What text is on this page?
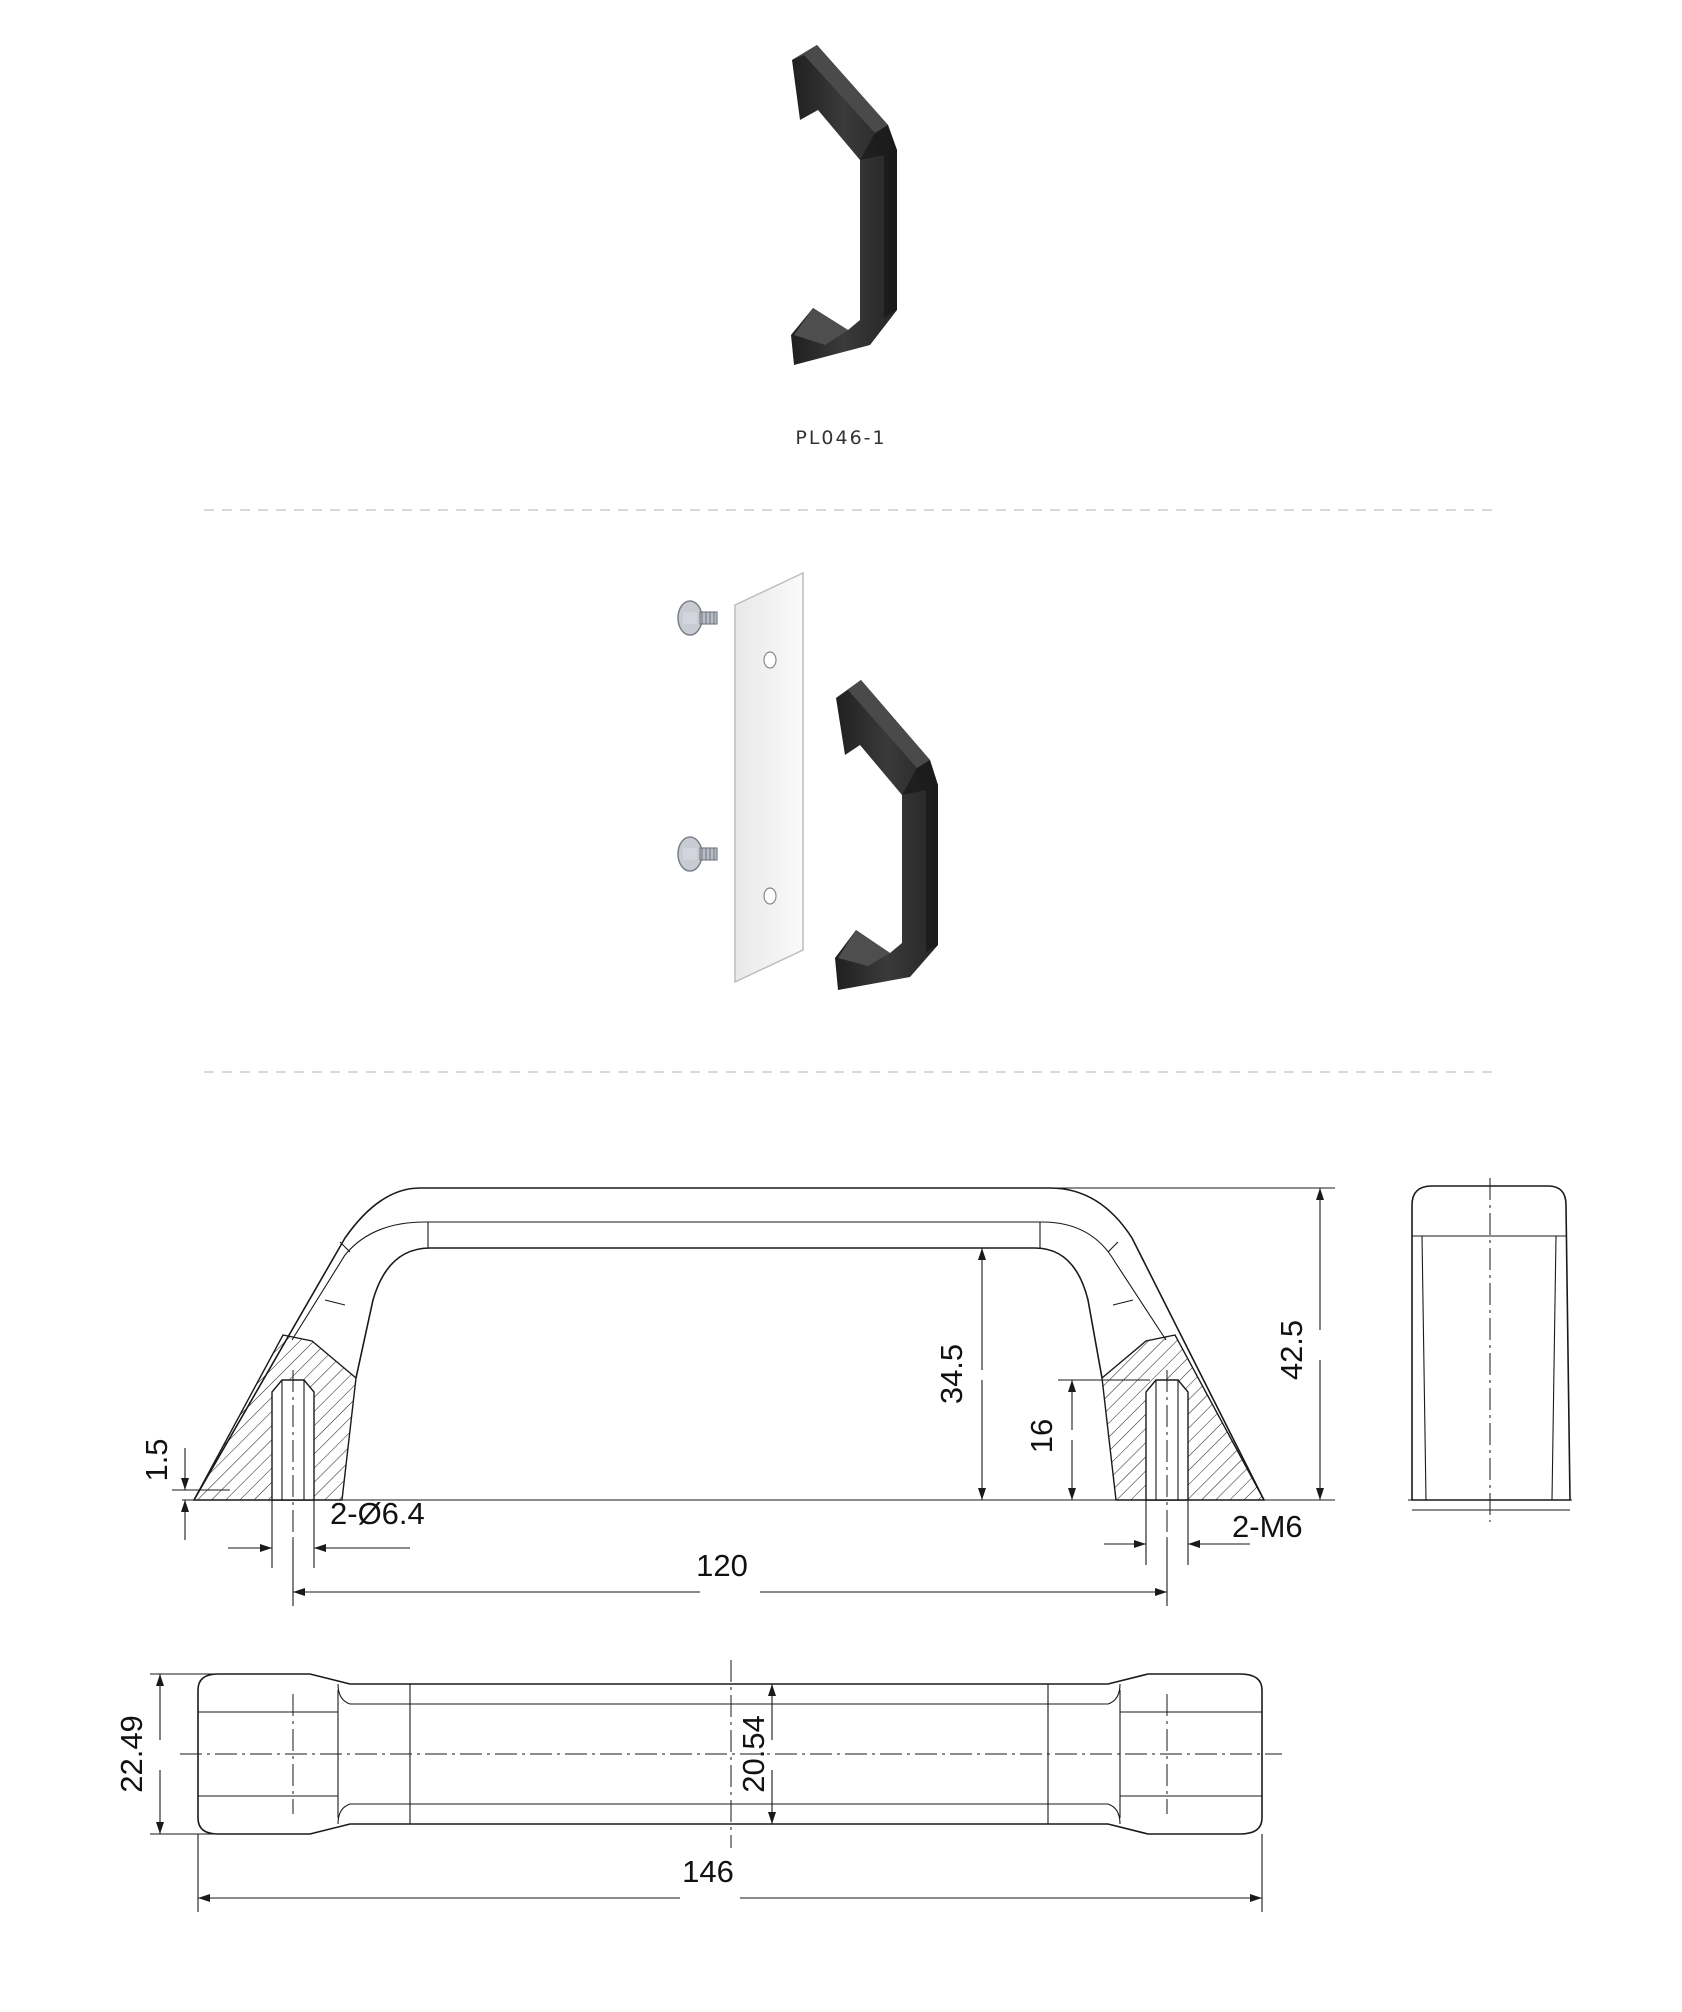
PL046-1
1.5
2-Ø6.4
34.5
16
2-M6
42.5
120
22.49	20.54
146
